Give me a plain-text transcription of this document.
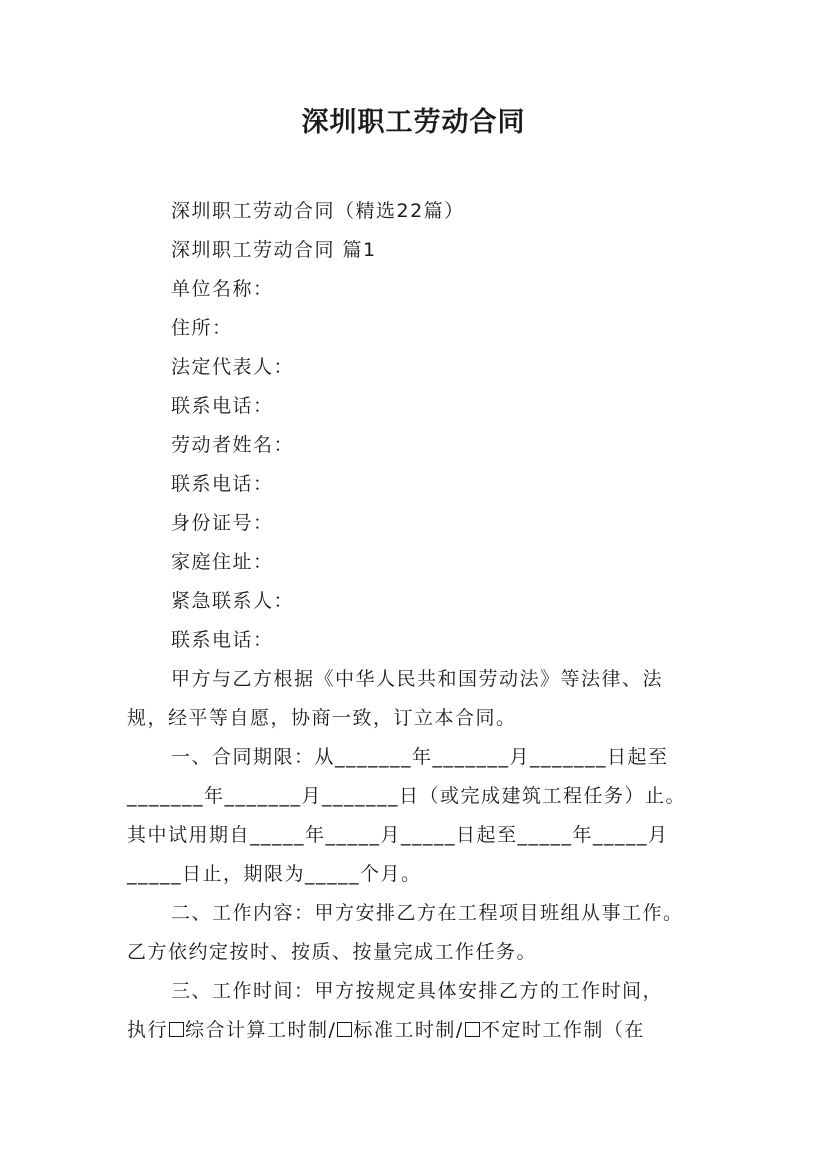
深圳职工劳动合同
深圳职工劳动合同（精选22篇）
深圳职工劳动合同 篇1
单位名称：
住所：
法定代表人：
联系电话：
劳动者姓名：
联系电话：
身份证号：
家庭住址：
紧急联系人：
联系电话：
甲方与乙方根据《中华人民共和国劳动法》等法律、法
规，经平等自愿，协商一致，订立本合同。
一、合同期限：从_______年_______月_______日起至
_______年_______月_______日（或完成建筑工程任务）止。
其中试用期自_____年_____月_____日起至_____年_____月
_____日止，期限为_____个月。
二、工作内容：甲方安排乙方在工程项目班组从事工作。
乙方依约定按时、按质、按量完成工作任务。
三、工作时间：甲方按规定具体安排乙方的工作时间，
执行 综合计算工时制/ 标准工时制/ 不定时工作制（在
